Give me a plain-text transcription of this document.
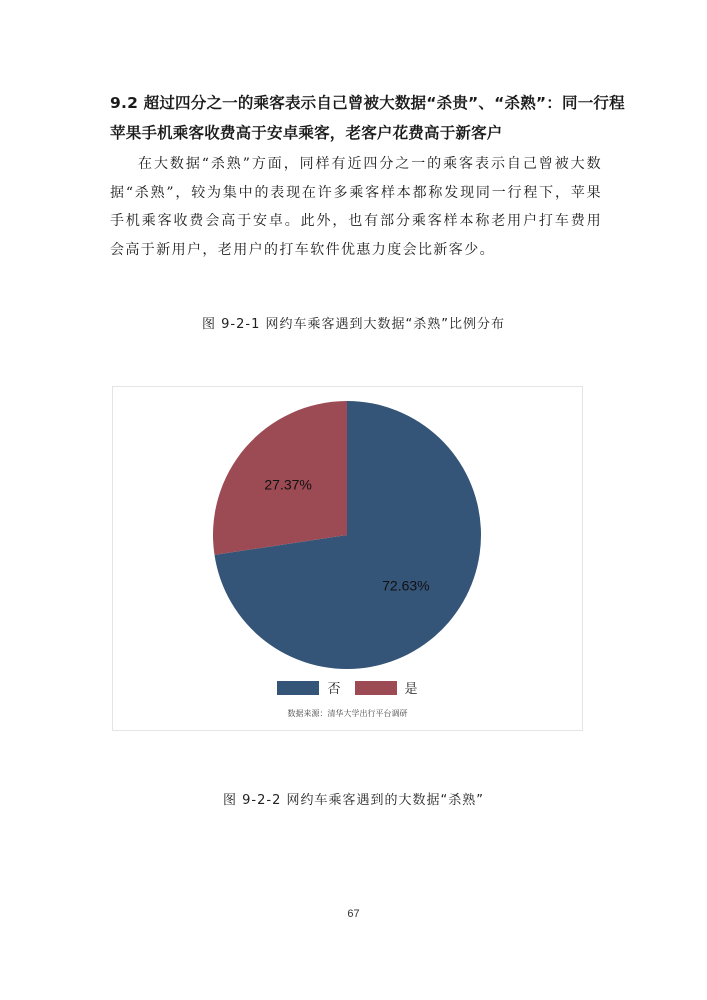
9.2 超过四分之一的乘客表示自己曾被大数据“杀贵”、“杀熟”：同一行程苹果手机乘客收费高于安卓乘客，老客户花费高于新客户

在大数据“杀熟”方面，同样有近四分之一的乘客表示自己曾被大数据“杀熟”，较为集中的表现在许多乘客样本都称发现同一行程下，苹果手机乘客收费会高于安卓。此外，也有部分乘客样本称老用户打车费用会高于新用户，老用户的打车软件优惠力度会比新客少。

图 9-2-1 网约车乘客遇到大数据“杀熟”比例分布
72.63%
27.37%
否	是
数据来源：清华大学出行平台调研
图 9-2-2 网约车乘客遇到的大数据“杀熟”
67
